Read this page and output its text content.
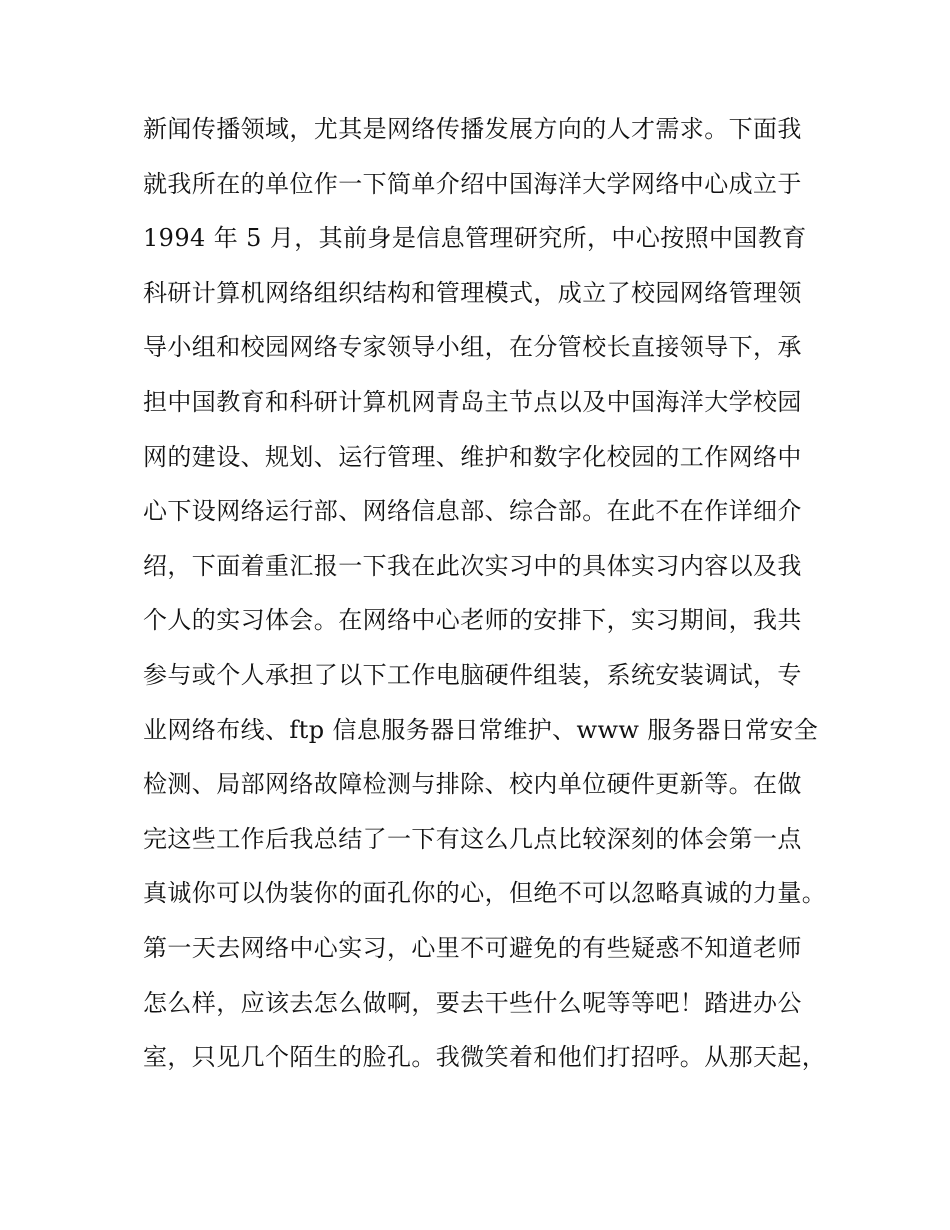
新闻传播领域，尤其是网络传播发展方向的人才需求。下面我
就我所在的单位作一下简单介绍中国海洋大学网络中心成立于
1994 年 5 月，其前身是信息管理研究所，中心按照中国教育
科研计算机网络组织结构和管理模式，成立了校园网络管理领
导小组和校园网络专家领导小组，在分管校长直接领导下，承
担中国教育和科研计算机网青岛主节点以及中国海洋大学校园
网的建设、规划、运行管理、维护和数字化校园的工作网络中
心下设网络运行部、网络信息部、综合部。在此不在作详细介
绍，下面着重汇报一下我在此次实习中的具体实习内容以及我
个人的实习体会。在网络中心老师的安排下，实习期间，我共
参与或个人承担了以下工作电脑硬件组装，系统安装调试，专
业网络布线、ftp 信息服务器日常维护、www 服务器日常安全
检测、局部网络故障检测与排除、校内单位硬件更新等。在做
完这些工作后我总结了一下有这么几点比较深刻的体会第一点
真诚你可以伪装你的面孔你的心，但绝不可以忽略真诚的力量。
第一天去网络中心实习，心里不可避免的有些疑惑不知道老师
怎么样，应该去怎么做啊，要去干些什么呢等等吧！踏进办公
室，只见几个陌生的脸孔。我微笑着和他们打招呼。从那天起，
